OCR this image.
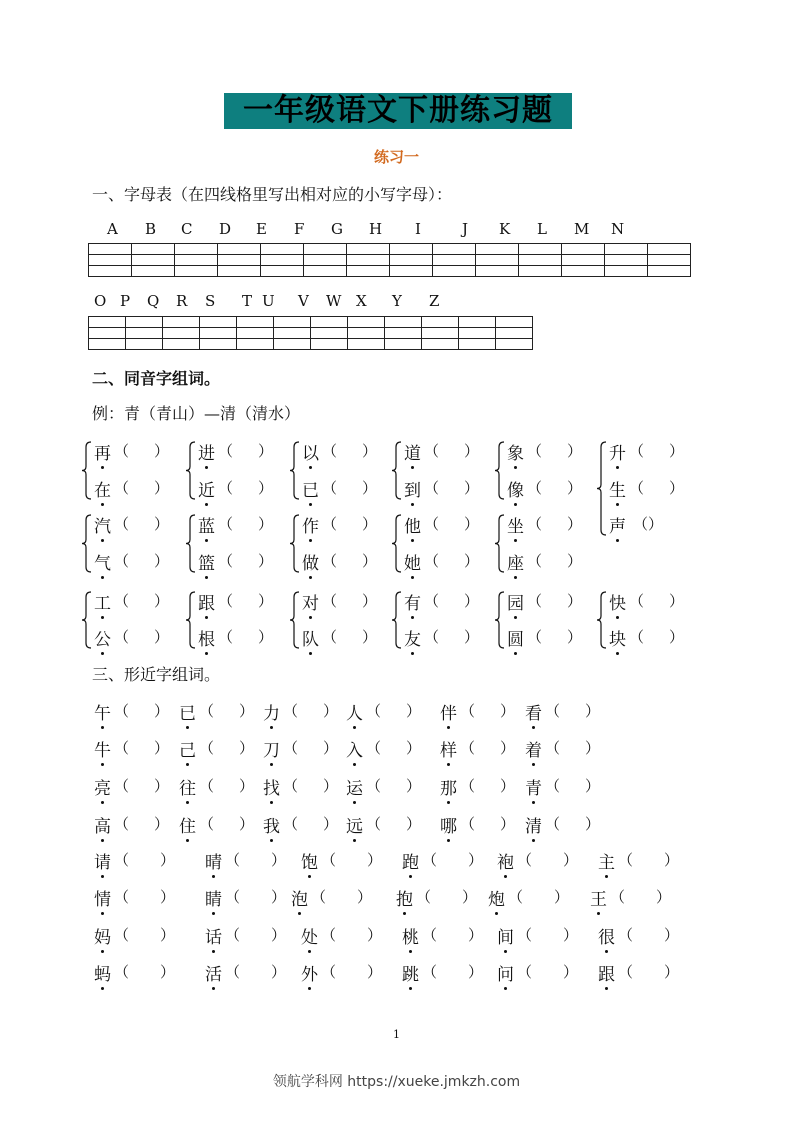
一年级语文下册练习题
练习一
一、字母表（在四线格里写出相对应的小写字母）：
二、同音字组词。
例：青（青山）—清（清水）
三、形近字组词。
1
领航学科网 https://xueke.jmkzh.com
A B C D E F G H I	J K L M N
O P Q R S T U V W X Y Z

再 （ ）
在 （ ）
进 （ ）
近 （ ）
以 （ ）
已 （ ）
道 （ ）
到 （ ）
象 （ ）
像 （ ）
升 （ ）
生 （ ）
声 （）
汽 （ ）
气 （ ）
蓝 （ ）
篮 （ ）
作 （ ）
做 （ ）
他 （ ）
她 （ ）
坐 （ ）
座 （ ）
工 （ ）
公 （ ）
跟 （ ）
根 （ ）
对 （ ）
队 （ ）
有 （ ）
友 （ ）
园 （ ）
圆 （ ）
快 （ ）
块 （ ）
午 （ ） 已 （ ） 力 （ ） 人 （ ） 伴 （ ） 看 （ ）
牛 （ ） 己 （ ） 刀 （ ） 入 （ ） 样 （ ） 着 （ ）
亮 （ ） 往 （ ） 找 （ ） 运 （ ） 那 （ ） 青 （ ）
高 （ ） 住 （ ） 我 （ ） 远 （ ） 哪 （ ） 清 （ ）
请 （ ） 晴 （ ） 饱 （ ） 跑 （ ） 袍 （ ） 主 （ ）
情 （ ） 睛 （ ） 泡 （ ） 抱 （ ） 炮 （ ） 王 （ ）
妈 （ ） 话 （ ） 处 （ ） 桃 （ ） 间 （ ） 很 （ ）
蚂 （ ） 活 （ ） 外 （ ） 跳 （ ） 问 （ ） 跟 （ ）
